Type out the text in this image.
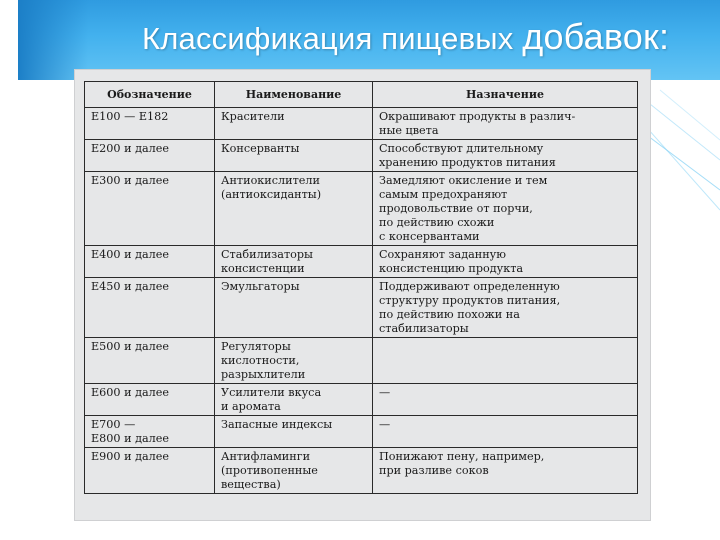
Классификация пищевых добавок:
Обозначение	Наименование	Назначение

Е100 — Е182	Красители	Окрашивают продукты в различ-
ные цвета

Е200 и далее	Консерванты	Способствуют длительному
хранению продуктов питания

Е300 и далее	Антиокислители
(антиоксиданты)	Замедляют окисление и тем
самым предохраняют
продовольствие от порчи,
по действию схожи
с консервантами

Е400 и далее	Стабилизаторы
консистенции	Сохраняют заданную
консистенцию продукта

Е450 и далее	Эмульгаторы	Поддерживают определенную
структуру продуктов питания,
по действию похожи на
стабилизаторы

Е500 и далее	Регуляторы
кислотности,
разрыхлители

Е600 и далее	Усилители вкуса
и аромата	—

Е700 —
Е800 и далее	Запасные индексы	—

Е900 и далее	Антифламинги
(противопенные
вещества)	Понижают пену, например,
при разливе соков
